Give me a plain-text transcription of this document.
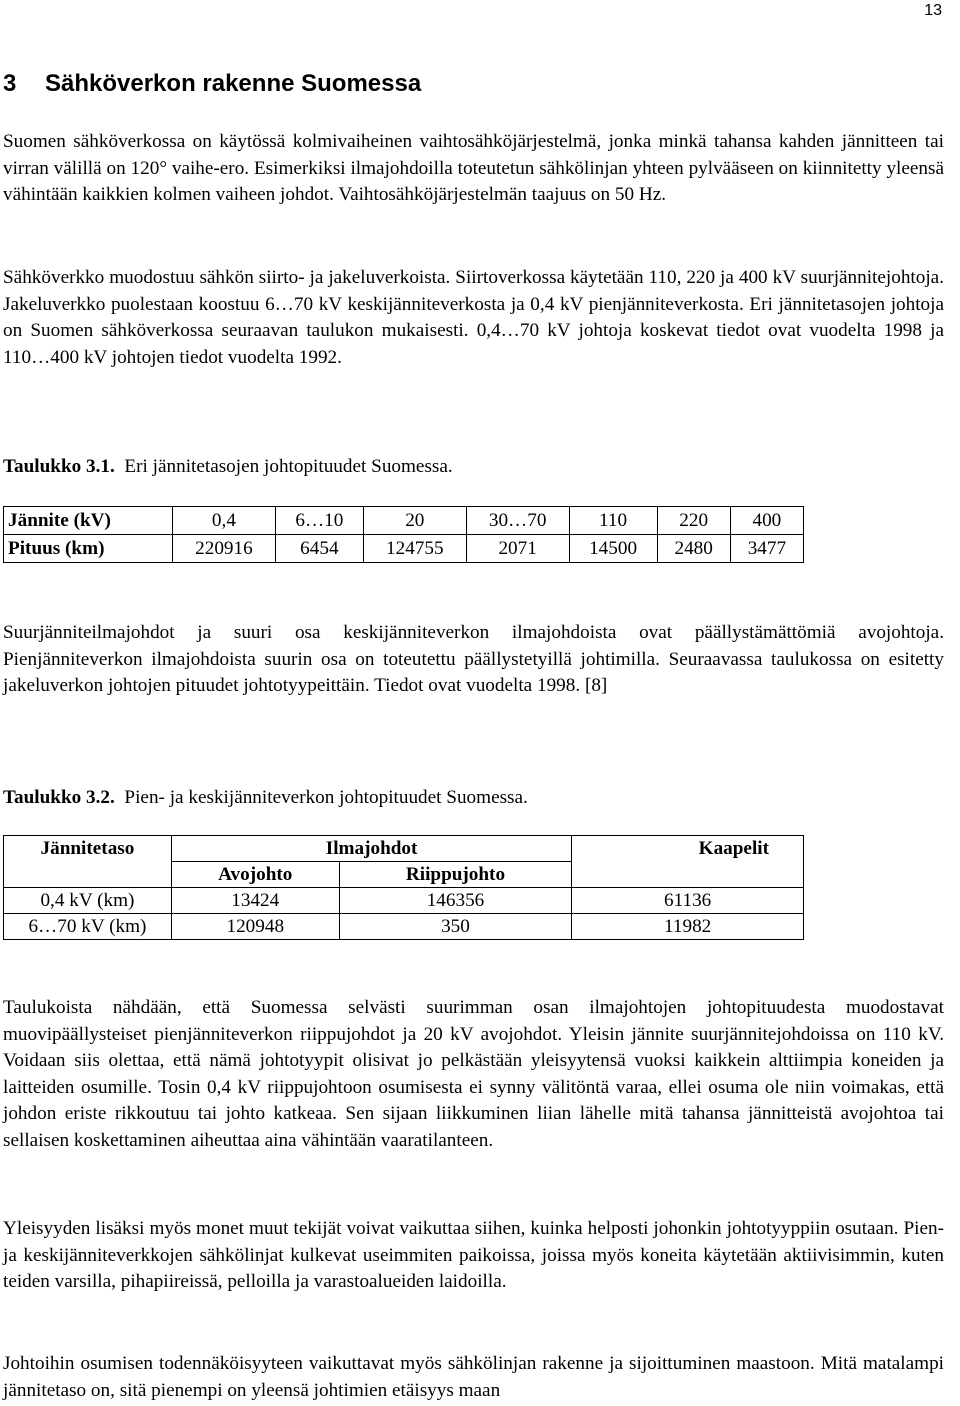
13
3 Sähköverkon rakenne Suomessa

Suomen sähköverkossa on käytössä kolmivaiheinen vaihtosähköjärjestelmä, jonka minkä tahansa kahden jännitteen tai virran välillä on 120° vaihe-ero. Esimerkiksi ilmajohdoilla toteutetun sähkölinjan yhteen pylvääseen on kiinnitetty yleensä vähintään kaikkien kolmen vaiheen johdot. Vaihtosähköjärjestelmän taajuus on 50 Hz.

Sähköverkko muodostuu sähkön siirto- ja jakeluverkoista. Siirtoverkossa käytetään 110, 220 ja 400 kV suurjännitejohtoja. Jakeluverkko puolestaan koostuu 6…70 kV keskijänniteverkosta ja 0,4 kV pienjänniteverkosta. Eri jännitetasojen johtoja on Suomen sähköverkossa seuraavan taulukon mukaisesti. 0,4…70 kV johtoja koskevat tiedot ovat vuodelta 1998 ja 110…400 kV johtojen tiedot vuodelta 1992.

Taulukko 3.1. Eri jännitetasojen johtopituudet Suomessa.
Jännite (kV)	0,4	6…10	20	30…70	110	220	400
Pituus (km)	220916	6454	124755	2071	14500	2480	3477

Suurjänniteilmajohdot ja suuri osa keskijänniteverkon ilmajohdoista ovat päällystämättömiä avojohtoja. Pienjänniteverkon ilmajohdoista suurin osa on toteutettu päällystetyillä johtimilla. Seuraavassa taulukossa on esitetty jakeluverkon johtojen pituudet johtotyypeittäin. Tiedot ovat vuodelta 1998. [8]

Taulukko 3.2. Pien- ja keskijänniteverkon johtopituudet Suomessa.
Jännitetaso	Ilmajohdot		Kaapelit
	Avojohto	Riippujohto	
0,4 kV (km)	13424	146356	61136
6…70 kV (km)	120948	350	11982

Taulukoista nähdään, että Suomessa selvästi suurimman osan ilmajohtojen johtopituudesta muodostavat muovipäällysteiset pienjänniteverkon riippujohdot ja 20 kV avojohdot. Yleisin jännite suurjännitejohdoissa on 110 kV. Voidaan siis olettaa, että nämä johtotyypit olisivat jo pelkästään yleisyytensä vuoksi kaikkein alttiimpia koneiden ja laitteiden osumille. Tosin 0,4 kV riippujohtoon osumisesta ei synny välitöntä varaa, ellei osuma ole niin voimakas, että johdon eriste rikkoutuu tai johto katkeaa. Sen sijaan liikkuminen liian lähelle mitä tahansa jännitteistä avojohtoa tai sellaisen koskettaminen aiheuttaa aina vähintään vaaratilanteen.

Yleisyyden lisäksi myös monet muut tekijät voivat vaikuttaa siihen, kuinka helposti johonkin johtotyyppiin osutaan. Pien- ja keskijänniteverkkojen sähkölinjat kulkevat useimmiten paikoissa, joissa myös koneita käytetään aktiivisimmin, kuten teiden varsilla, pihapiireissä, pelloilla ja varastoalueiden laidoilla.

Johtoihin osumisen todennäköisyyteen vaikuttavat myös sähkölinjan rakenne ja sijoittuminen maastoon. Mitä matalampi jännitetaso on, sitä pienempi on yleensä johtimien etäisyys maan
